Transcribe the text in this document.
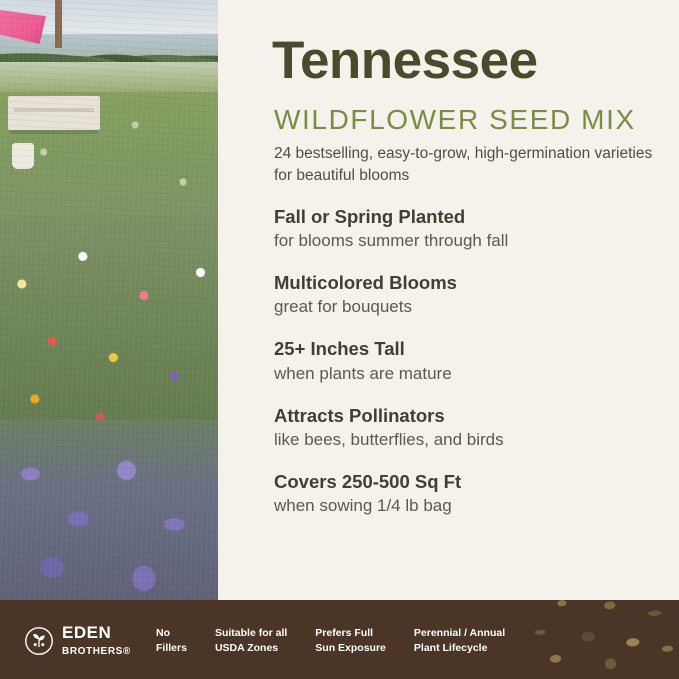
Tennessee
WILDFLOWER SEED MIX
24 bestselling, easy-to-grow, high-germination varieties for beautiful blooms
Fall or Spring Planted
for blooms summer through fall
Multicolored Blooms
great for bouquets
25+ Inches Tall
when plants are mature
Attracts Pollinators
like bees, butterflies, and birds
Covers 250-500 Sq Ft
when sowing 1/4 lb bag
EDEN
BROTHERS®
No
Fillers
Suitable for all
USDA Zones
Prefers Full
Sun Exposure
Perennial / Annual
Plant Lifecycle
